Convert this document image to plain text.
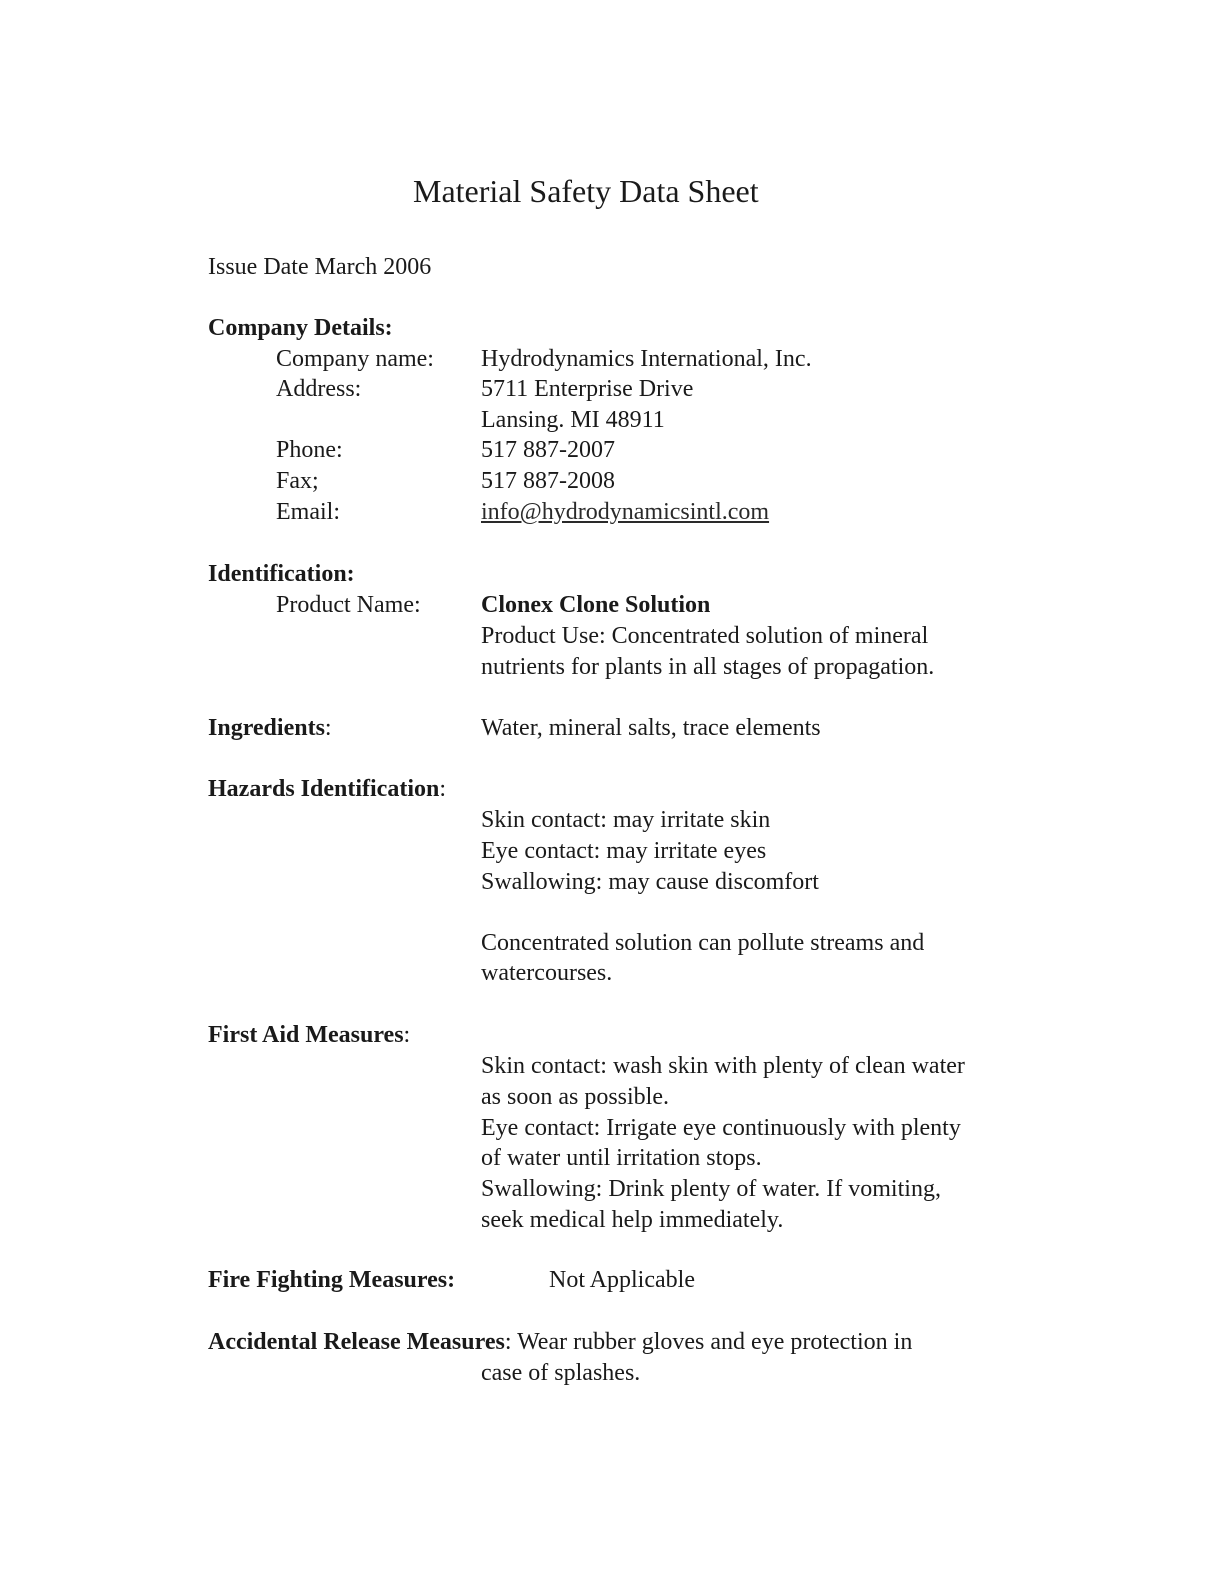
Material Safety Data Sheet
Issue Date March 2006
Company Details:
Company name: Hydrodynamics International, Inc.
Address:	5711 Enterprise Drive
Lansing. MI 48911
Phone:	517 887-2007
Fax;	517 887-2008
Email:	info@hydrodynamicsintl.com
Identification:
Product Name:	Clonex Clone Solution
Product Use: Concentrated solution of mineral
nutrients for plants in all stages of propagation.
Ingredients:	Water, mineral salts, trace elements
Hazards Identification:
Skin contact: may irritate skin
Eye contact: may irritate eyes
Swallowing: may cause discomfort
Concentrated solution can pollute streams and
watercourses.
First Aid Measures:
Skin contact: wash skin with plenty of clean water
as soon as possible.
Eye contact: Irrigate eye continuously with plenty
of water until irritation stops.
Swallowing: Drink plenty of water. If vomiting,
seek medical help immediately.
Fire Fighting Measures:	Not Applicable
Accidental Release Measures: Wear rubber gloves and eye protection in
case of splashes.
